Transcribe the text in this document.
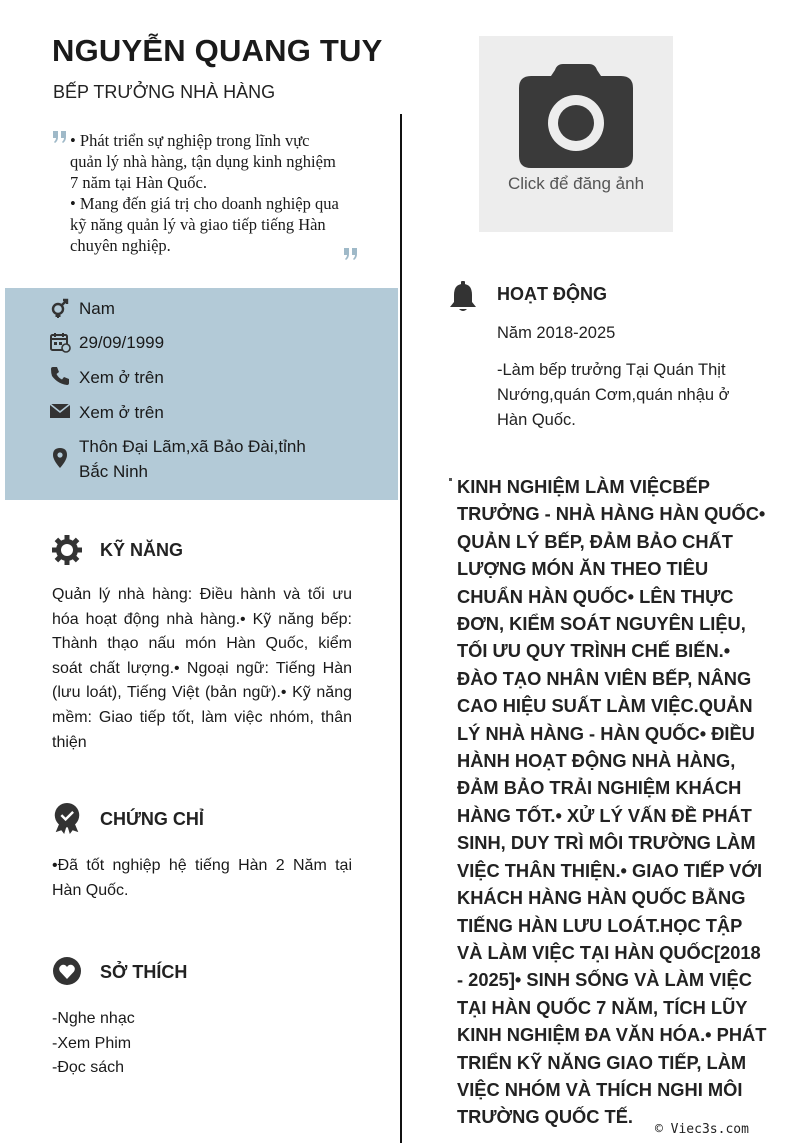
NGUYỄN QUANG TUY
BẾP TRƯỞNG NHÀ HÀNG
Click để đăng ảnh

• Phát triển sự nghiệp trong lĩnh vực quản lý nhà hàng, tận dụng kinh nghiệm 7 năm tại Hàn Quốc.

• Mang đến giá trị cho doanh nghiệp qua kỹ năng quản lý và giao tiếp tiếng Hàn chuyên nghiệp.

Nam
29/09/1999
Xem ở trên
Xem ở trên
Thôn Đại Lãm,xã Bảo Đài,tỉnh Bắc Ninh
KỸ NĂNG
Quản lý nhà hàng: Điều hành và tối ưu hóa hoạt động nhà hàng.• Kỹ năng bếp: Thành thạo nấu món Hàn Quốc, kiểm soát chất lượng.• Ngoại ngữ: Tiếng Hàn (lưu loát), Tiếng Việt (bản ngữ).• Kỹ năng mềm: Giao tiếp tốt, làm việc nhóm, thân thiện
CHỨNG CHỈ
•Đã tốt nghiệp hệ tiếng Hàn 2 Năm tại Hàn Quốc.
SỞ THÍCH
-Nghe nhạc
-Xem Phim
-Đọc sách
HOẠT ĐỘNG
Năm 2018-2025
-Làm bếp trưởng Tại Quán Thịt Nướng,quán Cơm,quán nhậu ở Hàn Quốc.
KINH NGHIỆM LÀM VIỆCBẾP TRƯỞNG - NHÀ HÀNG HÀN QUỐC• QUẢN LÝ BẾP, ĐẢM BẢO CHẤT LƯỢNG MÓN ĂN THEO TIÊU CHUẨN HÀN QUỐC• LÊN THỰC ĐƠN, KIỂM SOÁT NGUYÊN LIỆU, TỐI ƯU QUY TRÌNH CHẾ BIẾN.• ĐÀO TẠO NHÂN VIÊN BẾP, NÂNG CAO HIỆU SUẤT LÀM VIỆC.QUẢN LÝ NHÀ HÀNG - HÀN QUỐC• ĐIỀU HÀNH HOẠT ĐỘNG NHÀ HÀNG, ĐẢM BẢO TRẢI NGHIỆM KHÁCH HÀNG TỐT.• XỬ LÝ VẤN ĐỀ PHÁT SINH, DUY TRÌ MÔI TRƯỜNG LÀM VIỆC THÂN THIỆN.• GIAO TIẾP VỚI KHÁCH HÀNG HÀN QUỐC BẰNG TIẾNG HÀN LƯU LOÁT.HỌC TẬP VÀ LÀM VIỆC TẠI HÀN QUỐC[2018 - 2025]• SINH SỐNG VÀ LÀM VIỆC TẠI HÀN QUỐC 7 NĂM, TÍCH LŨY KINH NGHIỆM ĐA VĂN HÓA.• PHÁT TRIỂN KỸ NĂNG GIAO TIẾP, LÀM VIỆC NHÓM VÀ THÍCH NGHI MÔI TRƯỜNG QUỐC TẾ.
© Viec3s.com
